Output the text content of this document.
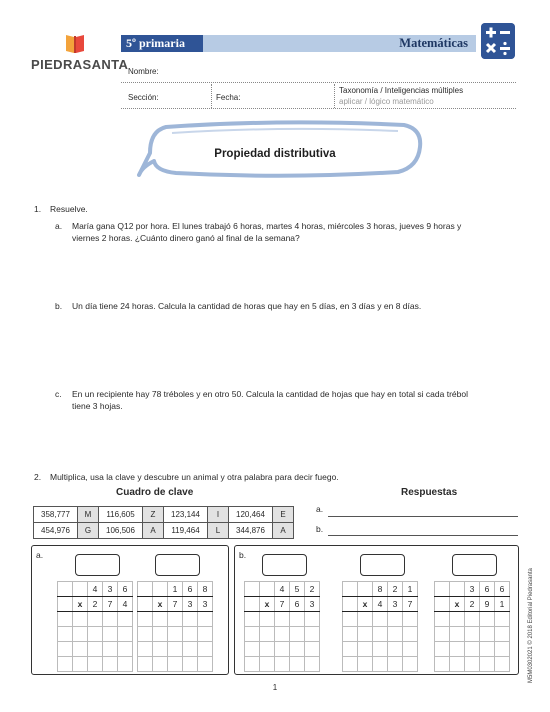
PIEDRASANTA
5º primaria	Matemáticas
Nombre:
Sección:	Fecha:
Taxonomía / Inteligencias múltiples
aplicar / lógico matemático
Propiedad distributiva
1. Resuelve.
a. María gana Q12 por hora. El lunes trabajó 6 horas, martes 4 horas, miércoles 3 horas, jueves 9 horas y
viernes 2 horas. ¿Cuánto dinero ganó al final de la semana?
b. Un día tiene 24 horas. Calcula la cantidad de horas que hay en 5 días, en 3 días y en 8 días.
c. En un recipiente hay 78 tréboles y en otro 50. Calcula la cantidad de hojas que hay en total si cada trébol
tiene 3 hojas.
2. Multiplica, usa la clave y descubre un animal y otra palabra para decir fuego.
Cuadro de clave	Respuestas
358,777	M	116,605	Z	123,144	I	120,464	E
454,976	G	106,506	A	119,464	L	344,876	A
a.
b.
a.	b.
		4	3	6
	x	2	7	4

		1	6	8
	x	7	3	3

		4	5	2
	x	7	6	3

		8	2	1
	x	4	3	7

		3	6	6
	x	2	9	1

					M5M0302021 © 2018 Editorial Piedrasanta
1
